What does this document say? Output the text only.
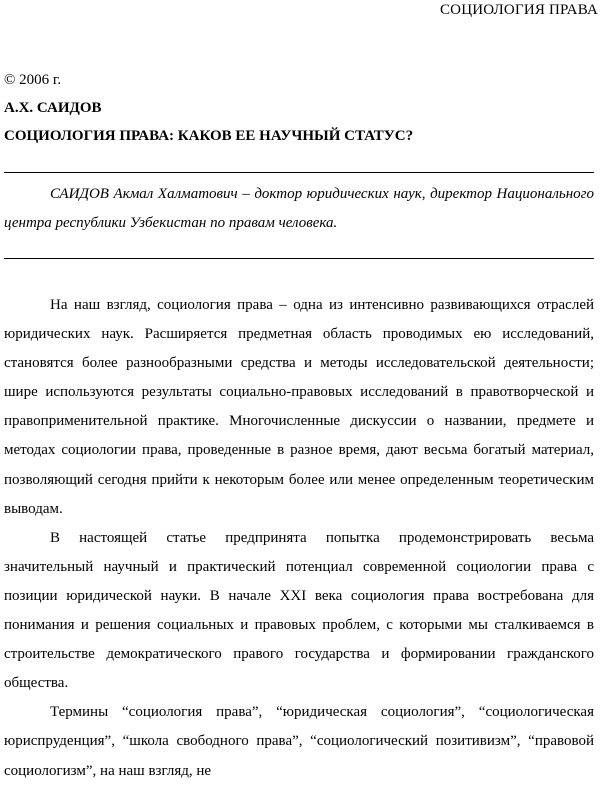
СОЦИОЛОГИЯ ПРАВА
© 2006 г.
А.Х. САИДОВ
СОЦИОЛОГИЯ ПРАВА: КАКОВ ЕЕ НАУЧНЫЙ СТАТУС?
САИДОВ Акмал Халматович – доктор юридических наук, директор Национального центра республики Узбекистан по правам человека.

На наш взгляд, социология права – одна из интенсивно развивающихся отраслей юридических наук. Расширяется предметная область проводимых ею исследований, становятся более разнообразными средства и методы исследовательской деятельности; шире используются результаты социально-правовых исследований в правотворческой и правоприменительной практике. Многочисленные дискуссии о названии, предмете и методах социологии права, проведенные в разное время, дают весьма богатый материал, позволяющий сегодня прийти к некоторым более или менее определенным теоретическим выводам.

В настоящей статье предпринята попытка продемонстрировать весьма значительный научный и практический потенциал современной социологии права с позиции юридической науки. В начале XXI века социология права востребована для понимания и решения социальных и правовых проблем, с которыми мы сталкиваемся в строительстве демократического правого государства и формировании гражданского общества.

Термины “социология права”, “юридическая социология”, “социологическая юриспруденция”, “школа свободного права”, “социологический позитивизм”, “правовой социологизм”, на наш взгляд, не
